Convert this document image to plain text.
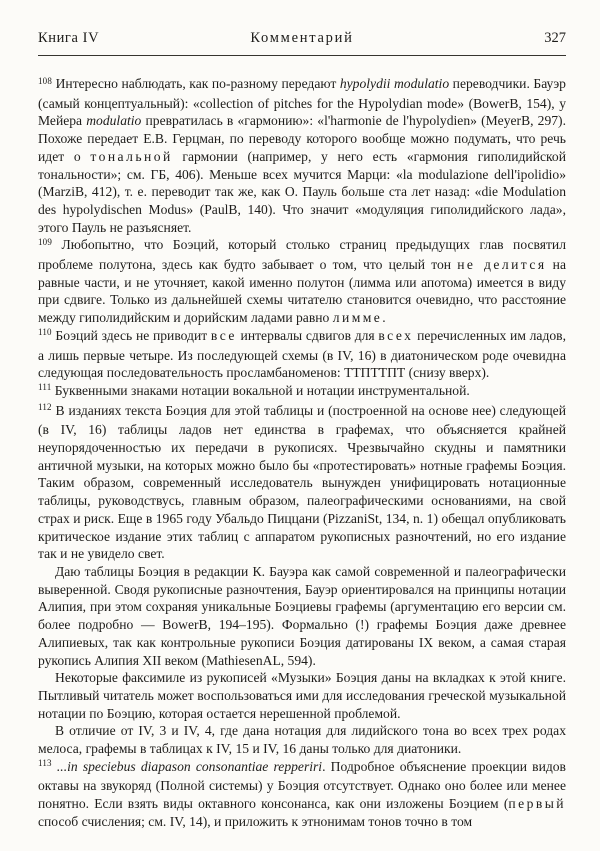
Книга IV	Комментарий	327

$^{108}$ Интересно наблюдать, как по-разному передают hypolydii modulatio переводчики. Бауэр (самый концептуальный): «collection of pitches for the Hypolydian mode» (BowerB, 154), у Мейера modulatio превратилась в «гармонию»: «l'harmonie de l'hypolydien» (MeyerB, 297). Похоже передает Е.В. Герцман, по переводу которого вообще можно подумать, что речь идет о тональной гармонии (например, у него есть «гармония гиполидийской тональности»; см. ГБ, 406). Меньше всех мучится Марци: «la modulazione dell'ipolidio» (MarziB, 412), т. е. переводит так же, как О. Пауль больше ста лет назад: «die Modulation des hypolydischen Modus» (PaulB, 140). Что значит «модуляция гиполидийского лада», этого Пауль не разъясняет.

$^{109}$ Любопытно, что Боэций, который столько страниц предыдущих глав посвятил проблеме полутона, здесь как будто забывает о том, что целый тон не делится на равные части, и не уточняет, какой именно полутон (лимма или апотома) имеется в виду при сдвиге. Только из дальнейшей схемы читателю становится очевидно, что расстояние между гиполидийским и дорийским ладами равно лимме.

$^{110}$ Боэций здесь не приводит все интервалы сдвигов для всех перечисленных им ладов, а лишь первые четыре. Из последующей схемы (в IV, 16) в диатоническом роде очевидна следующая последовательность просламбаноменов: ТТПТТПТ (снизу вверх).

$^{111}$ Буквенными знаками нотации вокальной и нотации инструментальной.

$^{112}$ В изданиях текста Боэция для этой таблицы и (построенной на основе нее) следующей (в IV, 16) таблицы ладов нет единства в графемах, что объясняется крайней неупорядоченностью их передачи в рукописях. Чрезвычайно скудны и памятники античной музыки, на которых можно было бы «протестировать» нотные графемы Боэция. Таким образом, современный исследователь вынужден унифицировать нотационные таблицы, руководствусь, главным образом, палеографическими основаниями, на свой страх и риск. Еще в 1965 году Убальдо Пиццани (PizzaniSt, 134, n. 1) обещал опубликовать критическое издание этих таблиц с аппаратом рукописных разночтений, но его издание так и не увидело свет.

Даю таблицы Боэция в редакции К. Бауэра как самой современной и палеографически выверенной. Сводя рукописные разночтения, Бауэр ориентировался на принципы нотации Алипия, при этом сохраняя уникальные Боэциевы графемы (аргументацию его версии см. более подробно — BowerB, 194–195). Формально (!) графемы Боэция даже древнее Алипиевых, так как контрольные рукописи Боэция датированы IX веком, а самая старая рукопись Алипия XII веком (MathiesenAL, 594).

Некоторые факсимиле из рукописей «Музыки» Боэция даны на вкладках к этой книге. Пытливый читатель может воспользоваться ими для исследования греческой музыкальной нотации по Боэцию, которая остается нерешенной проблемой.

В отличие от IV, 3 и IV, 4, где дана нотация для лидийского тона во всех трех родах мелоса, графемы в таблицах к IV, 15 и IV, 16 даны только для диатоники.

$^{113}$ ...in speciebus diapason consonantiae repperiri. Подробное объяснение проекции видов октавы на звукоряд (Полной системы) у Боэция отсутствует. Однако оно более или менее понятно. Если взять виды октавного консонанса, как они изложены Боэцием (первый способ счисления; см. IV, 14), и приложить к этнонимам тонов точно в том
